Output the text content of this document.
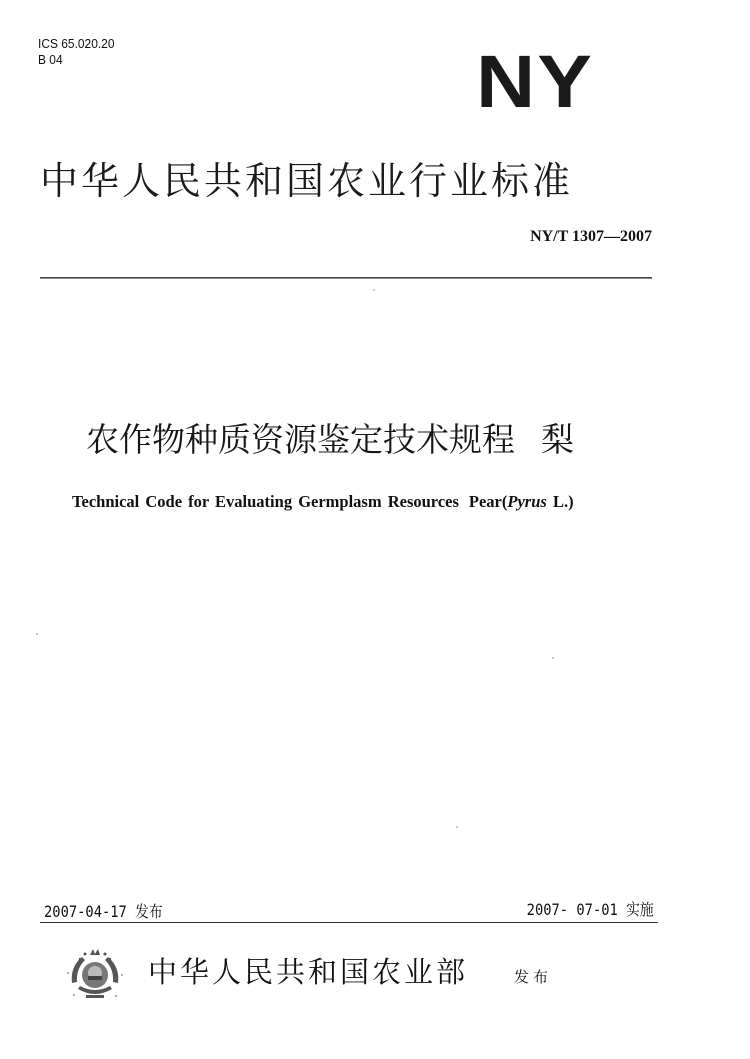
ICS 65.020.20
B 04	NY
中华人民共和国农业行业标准
NY/T 1307—2007
农作物种质资源鉴定技术规程 梨
Technical Code for Evaluating Germplasm Resources Pear(Pyrus L.)
2007-04-17 发布	2007- 07-01 实施
中华人民共和国农业部	发布
